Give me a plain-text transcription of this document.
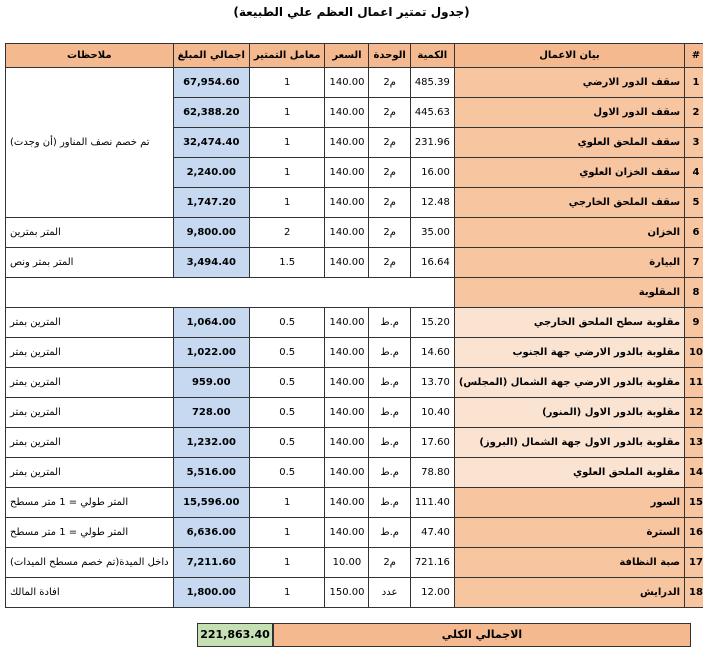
(جدول تمتير اعمال العظم علي الطبيعة)
#	بيان الاعمال	الكمية	الوحدة	السعر	معامل التمتير	اجمالي المبلغ	ملاحظات
1	سقف الدور الارضي	485.39	م2	140.00	1	67,954.60	تم خصم نصف المناور (أن وجدت)
2	سقف الدور الاول	445.63	م2	140.00	1	62,388.20	
3	سقف الملحق العلوي	231.96	م2	140.00	1	32,474.40	
4	سقف الخزان العلوي	16.00	م2	140.00	1	2,240.00	
5	سقف الملحق الخارجي	12.48	م2	140.00	1	1,747.20	
6	الخزان	35.00	م2	140.00	2	9,800.00	المتر بمترين
7	البيارة	16.64	م2	140.00	1.5	3,494.40	المتر بمتر ونص
8	المقلوبة						
9	مقلوبة سطح الملحق الخارجي	15.20	م.ط	140.00	0.5	1,064.00	المترين بمتر
10	مقلوبة بالدور الارضي جهة الجنوب	14.60	م.ط	140.00	0.5	1,022.00	المترين بمتر
11	مقلوبة بالدور الارضي جهة الشمال (المجلس)	13.70	م.ط	140.00	0.5	959.00	المترين بمتر
12	مقلوبة بالدور الاول (المنور)	10.40	م.ط	140.00	0.5	728.00	المترين بمتر
13	مقلوبة بالدور الاول جهة الشمال (البروز)	17.60	م.ط	140.00	0.5	1,232.00	المترين بمتر
14	مقلوبة الملحق العلوي	78.80	م.ط	140.00	0.5	5,516.00	المترين بمتر
15	السور	111.40	م.ط	140.00	1	15,596.00	المتر طولي = 1 متر مسطح
16	السترة	47.40	م.ط	140.00	1	6,636.00	المتر طولي = 1 متر مسطح
17	صبة النظافة	721.16	م2	10.00	1	7,211.60	داخل الميدة(تم خصم مسطح الميدات)
18	الدرايش	12.00	عدد	150.00	1	1,800.00	افادة المالك
الاجمالي الكلي
221,863.40
